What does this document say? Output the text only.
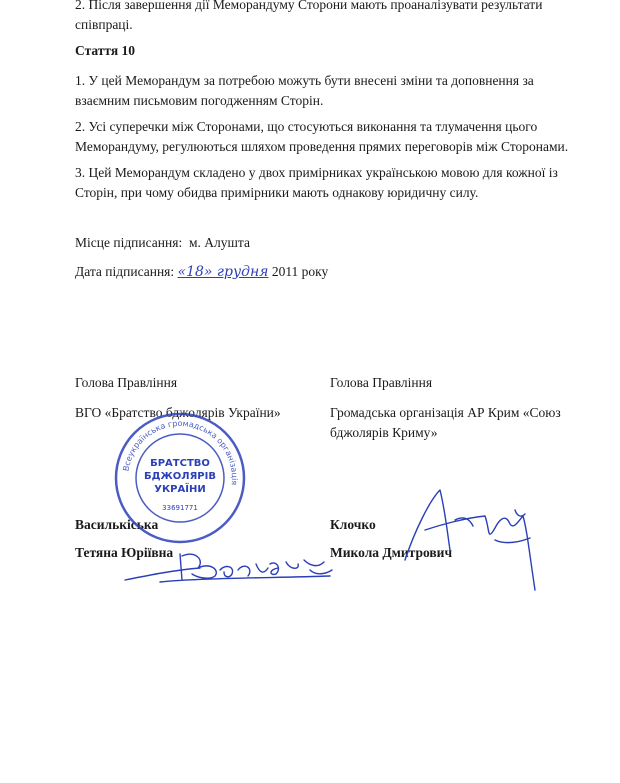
2. Після завершення дії Меморандуму Сторони мають проаналізувати результати
співпраці.

Стаття 10

1. У цей Меморандум за потребою можуть бути внесені зміни та доповнення за
взаємним письмовим погодженням Сторін.

2. Усі суперечки між Сторонами, що стосуються виконання та тлумачення цього
Меморандуму, регулюються шляхом проведення прямих переговорів між Сторонами.

3. Цей Меморандум складено у двох примірниках українською мовою для кожної із
Сторін, при чому обидва примірники мають однакову юридичну силу.

Місце підписання: м. Алушта

Дата підписання: «18» грудня 2011 року

Голова Правління

ВГО «Братство бджолярів України»

Василькіська

Тетяна Юріївна

Голова Правління

Громадська організація АР Крим «Союз
бджолярів Криму»

Клочко

Микола Дмитрович

Всеукраїнська громадська організація
БРАТСТВО
БДЖОЛЯРІВ
УКРАЇНИ
33691771
